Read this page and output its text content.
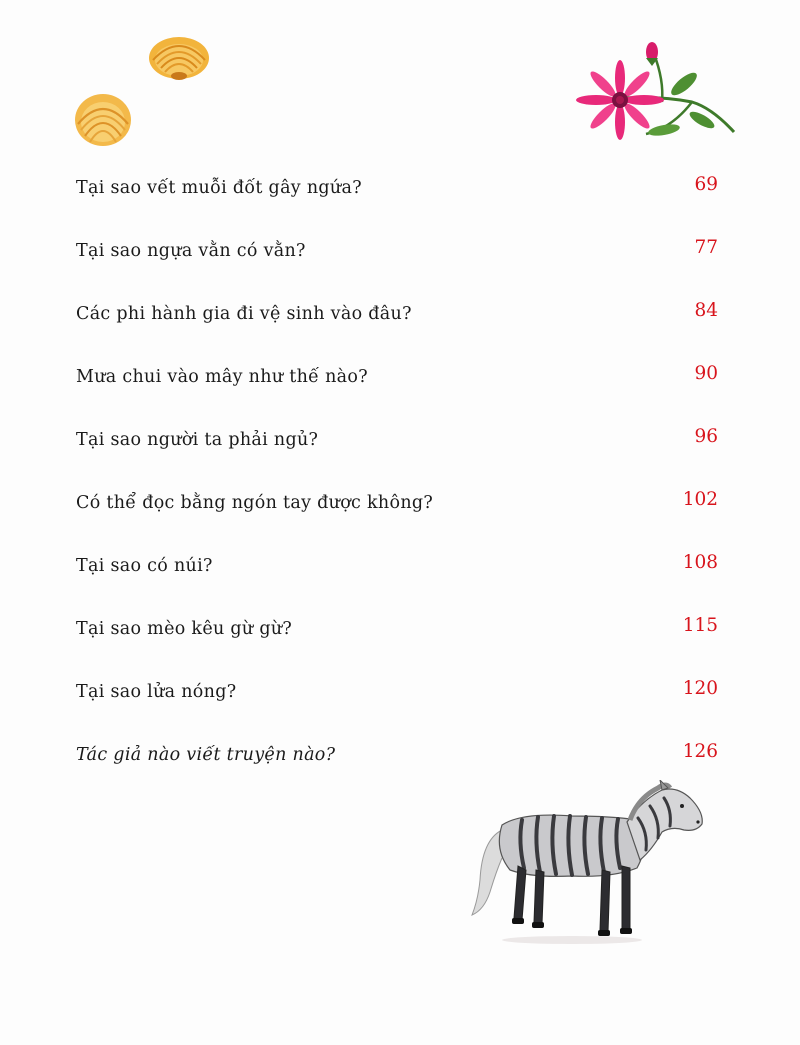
Tại sao vết muỗi đốt gây ngứa?	69
Tại sao ngựa vằn có vằn?	77
Các phi hành gia đi vệ sinh vào đâu?	84
Mưa chui vào mây như thế nào?	90
Tại sao người ta phải ngủ?	96
Có thể đọc bằng ngón tay được không?	102
Tại sao có núi?	108
Tại sao mèo kêu gừ gừ?	115
Tại sao lửa nóng?	120
Tác giả nào viết truyện nào?	126
